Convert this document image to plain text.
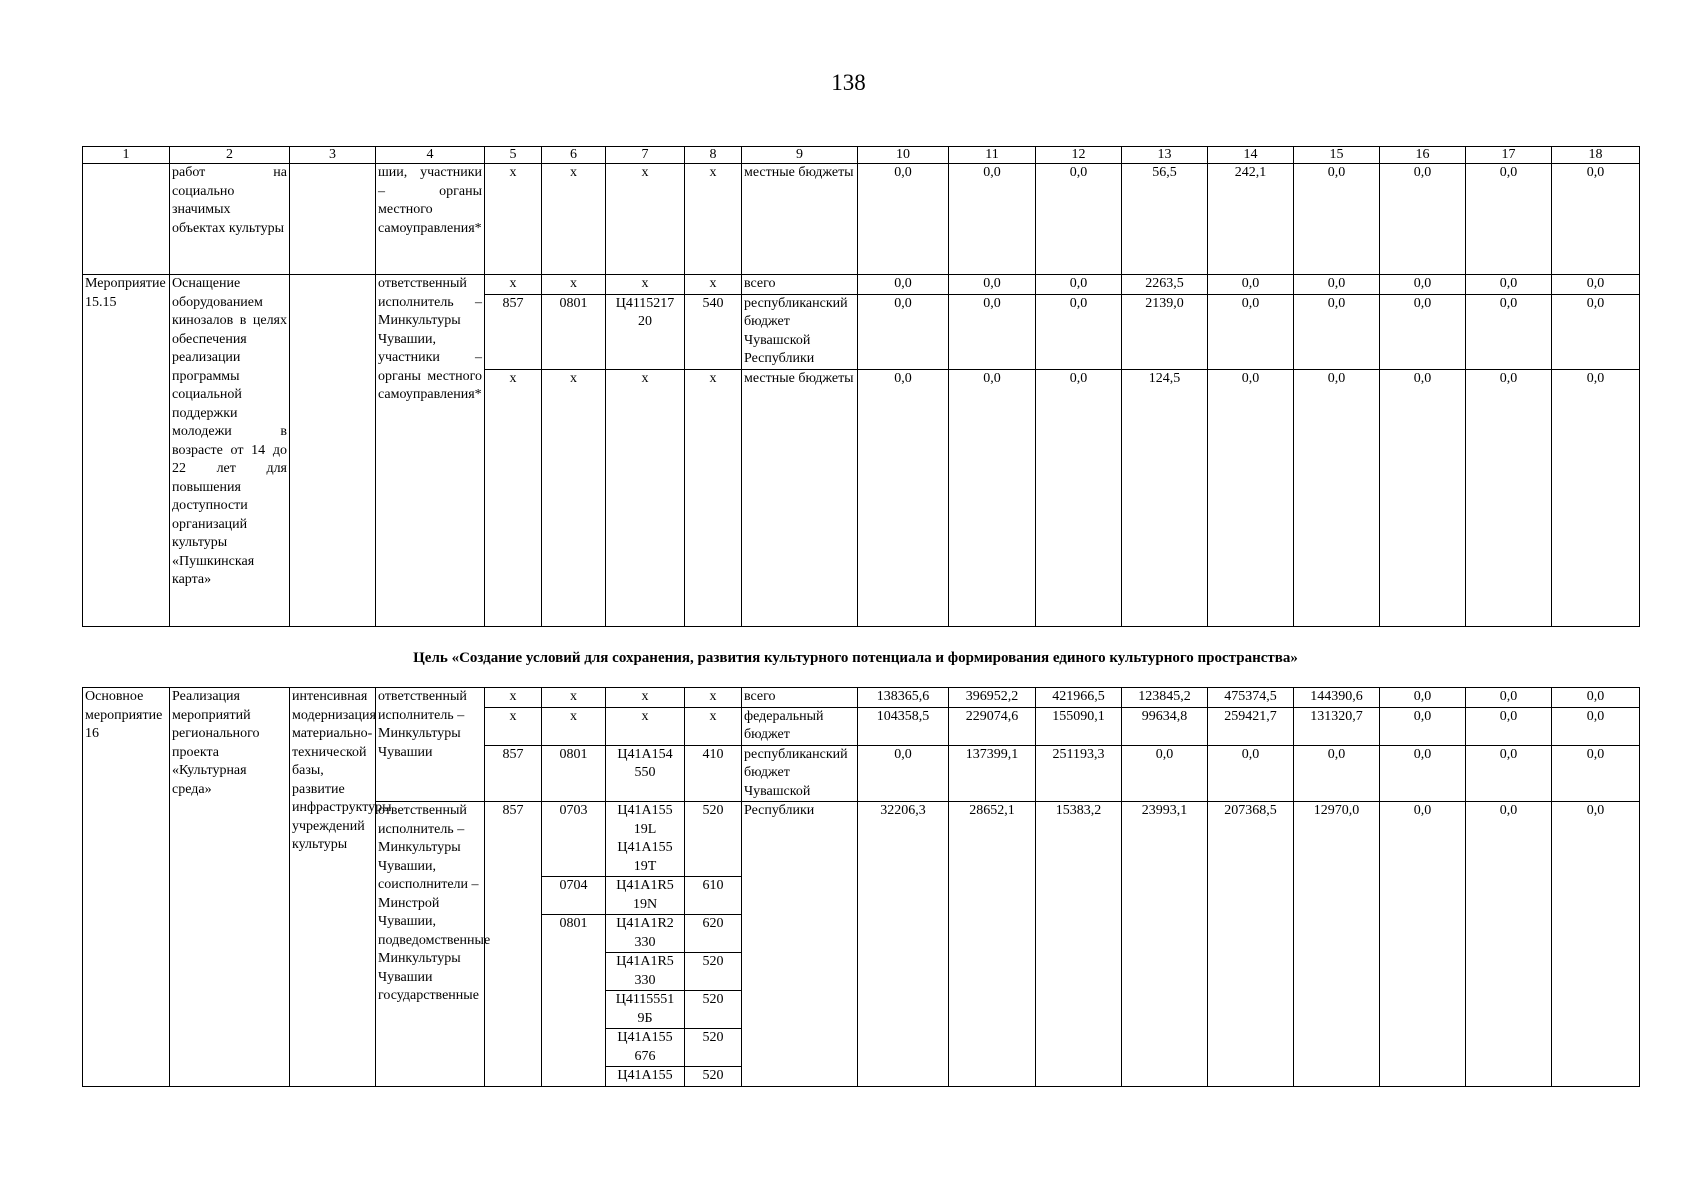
138
1	2	3	4	5	6	7	8	9	10	11	12	13	14	15	16	17	18
	работ на социально значимых объектах культуры		шии, участники – органы местного самоуправления*	х	х	х	х	местные бюджеты	0,0	0,0	0,0	56,5	242,1	0,0	0,0	0,0	0,0
Мероприятие 15.15	Оснащение оборудованием кинозалов в целях обеспечения реализации программы социальной поддержки молодежи в возрасте от 14 до 22 лет для повышения доступности организаций культуры «Пушкинская карта»		ответственный исполнитель – Минкультуры Чувашии, участники – органы местного самоуправления*	х	х	х	х	всего	0,0	0,0	0,0	2263,5	0,0	0,0	0,0	0,0	0,0
				857	0801	Ц4115217 20	540	республиканский бюджет Чувашской Республики	0,0	0,0	0,0	2139,0	0,0	0,0	0,0	0,0	0,0
				х	х	х	х	местные бюджеты	0,0	0,0	0,0	124,5	0,0	0,0	0,0	0,0	0,0
Цель «Создание условий для сохранения, развития культурного потенциала и формирования единого культурного пространства»
Основное мероприятие 16	Реализация мероприятий регионального проекта «Культурная среда»	интенсивная модернизация материально-технической базы, развитие инфраструктуры учреждений культуры	ответственный исполнитель – Минкультуры Чувашии	х	х	х	х	всего	138365,6	396952,2	421966,5	123845,2	475374,5	144390,6	0,0	0,0	0,0
				х	х	х	х	федеральный бюджет	104358,5	229074,6	155090,1	99634,8	259421,7	131320,7	0,0	0,0	0,0
				857	0801	Ц41А154 550	410	республиканский бюджет Чувашской	0,0	137399,1	251193,3	0,0	0,0	0,0	0,0	0,0	0,0
			ответственный исполнитель – Минкультуры Чувашии, соисполнители – Минстрой Чувашии, подведомственные Минкультуры Чувашии государственные	857	0703	Ц41А155 19L Ц41А155 19Т	520	Республики	32206,3	28652,1	15383,2	23993,1	207368,5	12970,0	0,0	0,0	0,0
					0704	Ц41А1R5 19N	610										
					0801	Ц41А1R2 330	620										
						Ц41А1R5 330	520										
						Ц4115551 9Б	520										
						Ц41А155 676	520										
						Ц41А155	520										
